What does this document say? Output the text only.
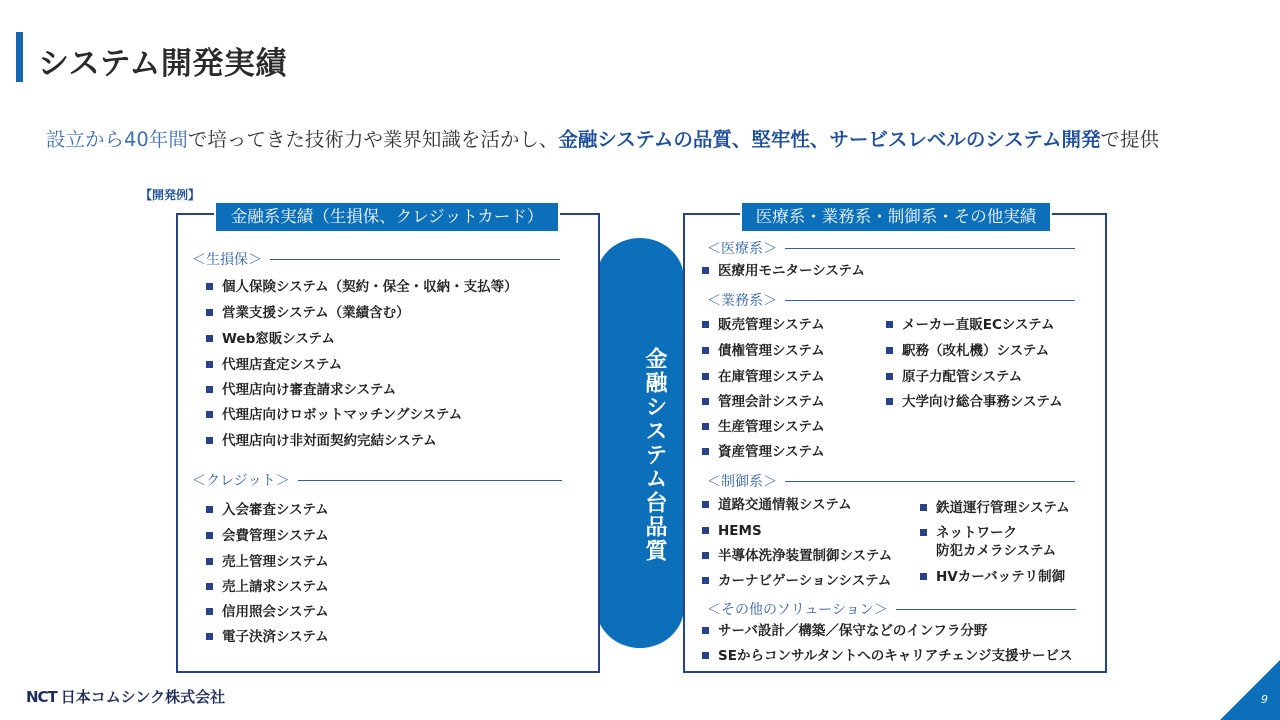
システム開発実績
設立から40年間で培ってきた技術力や業界知識を活かし、金融システムの品質、堅牢性、サービスレベルのシステム開発で提供
【開発例】
金融系実績（生損保、クレジットカード）	医療系・業務系・制御系・その他実績
金融システム台品質
＜生損保＞
個人保険システム（契約・保全・収納・支払等）
営業支援システム（業績含む）
Web窓販システム
代理店査定システム
代理店向け審査請求システム
代理店向けロボットマッチングシステム
代理店向け非対面契約完結システム
＜クレジット＞
入会審査システム
会費管理システム
売上管理システム
売上請求システム
信用照会システム
電子決済システム
＜医療系＞
医療用モニターシステム
＜業務系＞
販売管理システム
債権管理システム
在庫管理システム
管理会計システム
生産管理システム
資産管理システム
メーカー直販ECシステム
駅務（改札機）システム
原子力配管システム
大学向け総合事務システム
＜制御系＞
道路交通情報システム
HEMS
半導体洗浄装置制御システム
カーナビゲーションシステム
鉄道運行管理システム
ネットワーク
防犯カメラシステム
HVカーバッテリ制御
＜その他のソリューション＞
サーバ設計／構築／保守などのインフラ分野
SEからコンサルタントへのキャリアチェンジ支援サービス
NCT 日本コムシンク株式会社	9
